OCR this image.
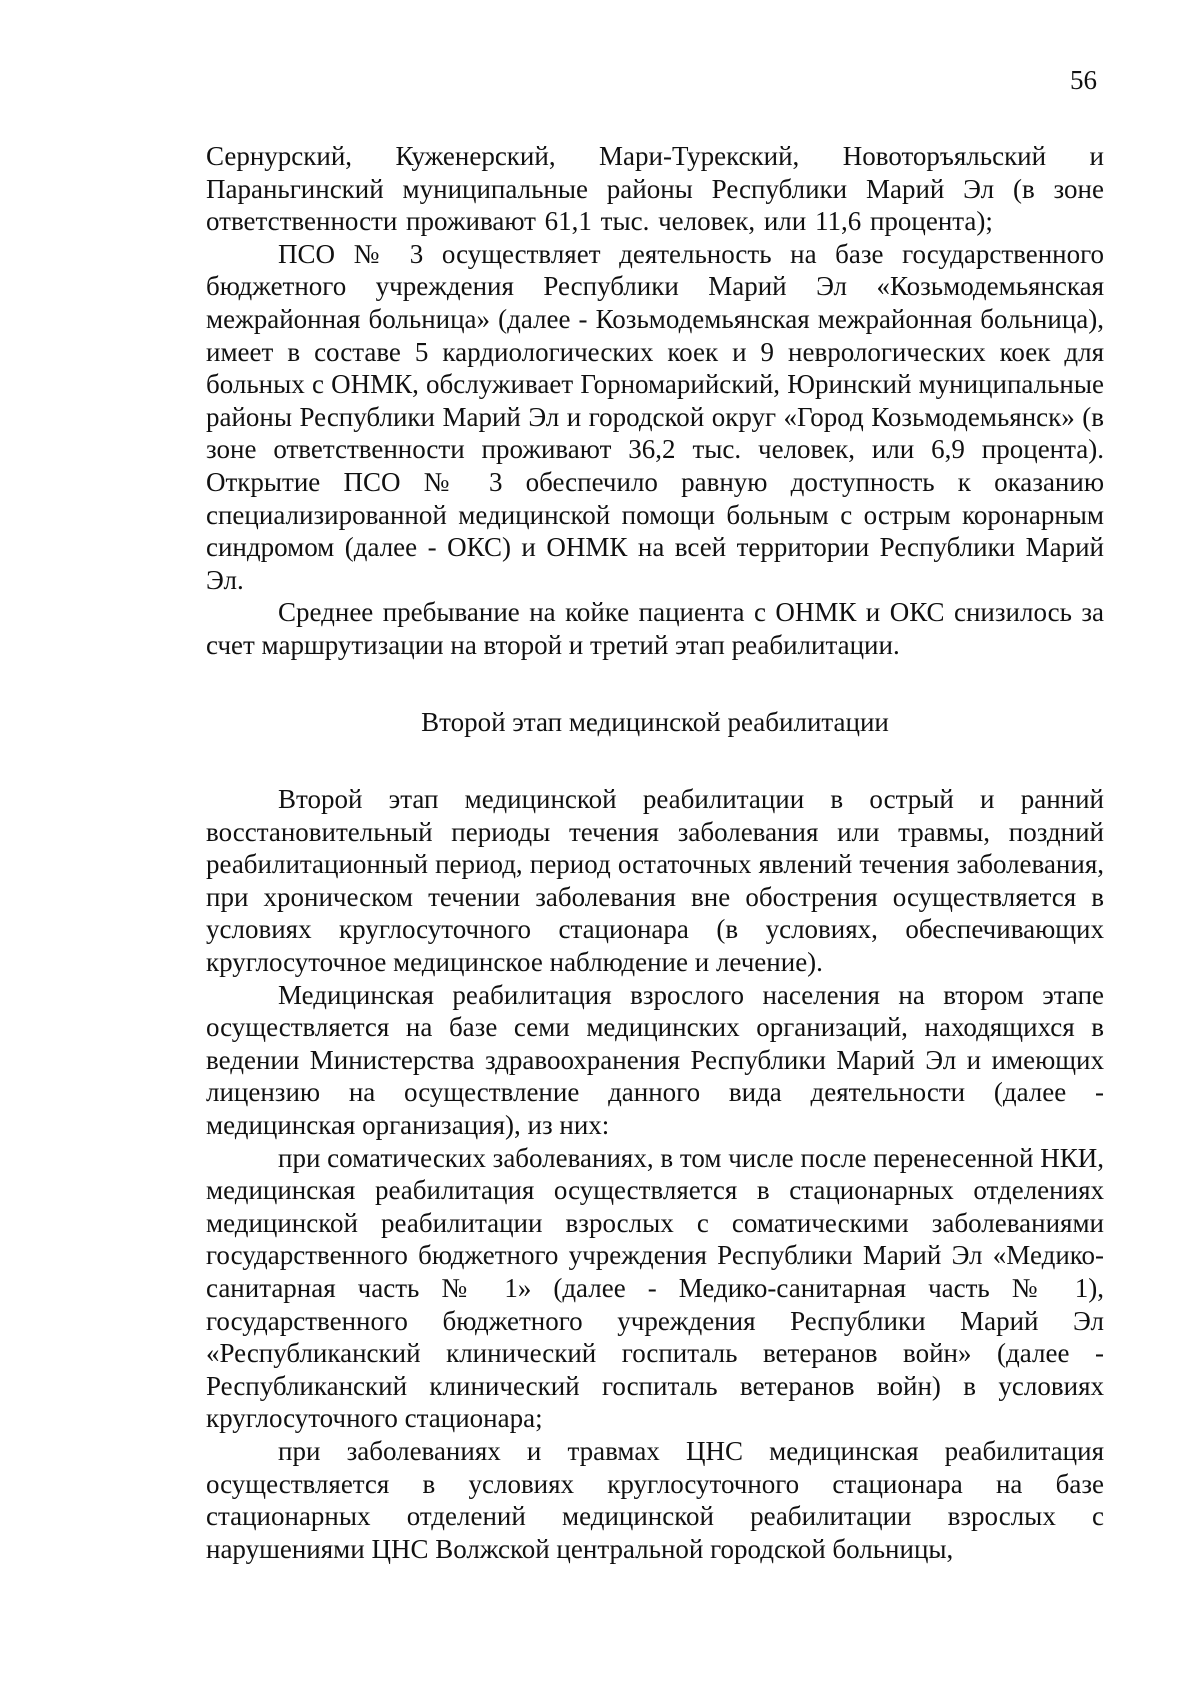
56

Сернурский, Куженерский, Мари-Турекский, Новоторъяльский и Параньгинский муниципальные районы Республики Марий Эл (в зоне ответственности проживают 61,1 тыс. человек, или 11,6 процента);

ПСО № 3 осуществляет деятельность на базе государственного бюджетного учреждения Республики Марий Эл «Козьмодемьянская межрайонная больница» (далее - Козьмодемьянская межрайонная больница), имеет в составе 5 кардиологических коек и 9 неврологических коек для больных с ОНМК, обслуживает Горномарийский, Юринский муниципальные районы Республики Марий Эл и городской округ «Город Козьмодемьянск» (в зоне ответственности проживают 36,2 тыс. человек, или 6,9 процента). Открытие ПСО № 3 обеспечило равную доступность к оказанию специализированной медицинской помощи больным с острым коронарным синдромом (далее - ОКС) и ОНМК на всей территории Республики Марий Эл.

Среднее пребывание на койке пациента с ОНМК и ОКС снизилось за счет маршрутизации на второй и третий этап реабилитации.

Второй этап медицинской реабилитации

Второй этап медицинской реабилитации в острый и ранний восстановительный периоды течения заболевания или травмы, поздний реабилитационный период, период остаточных явлений течения заболевания, при хроническом течении заболевания вне обострения осуществляется в условиях круглосуточного стационара (в условиях, обеспечивающих круглосуточное медицинское наблюдение и лечение).

Медицинская реабилитация взрослого населения на втором этапе осуществляется на базе семи медицинских организаций, находящихся в ведении Министерства здравоохранения Республики Марий Эл и имеющих лицензию на осуществление данного вида деятельности (далее - медицинская организация), из них:

при соматических заболеваниях, в том числе после перенесенной НКИ, медицинская реабилитация осуществляется в стационарных отделениях медицинской реабилитации взрослых с соматическими заболеваниями государственного бюджетного учреждения Республики Марий Эл «Медико-санитарная часть № 1» (далее - Медико-санитарная часть № 1), государственного бюджетного учреждения Республики Марий Эл «Республиканский клинический госпиталь ветеранов войн» (далее - Республиканский клинический госпиталь ветеранов войн) в условиях круглосуточного стационара;

при заболеваниях и травмах ЦНС медицинская реабилитация осуществляется в условиях круглосуточного стационара на базе стационарных отделений медицинской реабилитации взрослых с нарушениями ЦНС Волжской центральной городской больницы,
